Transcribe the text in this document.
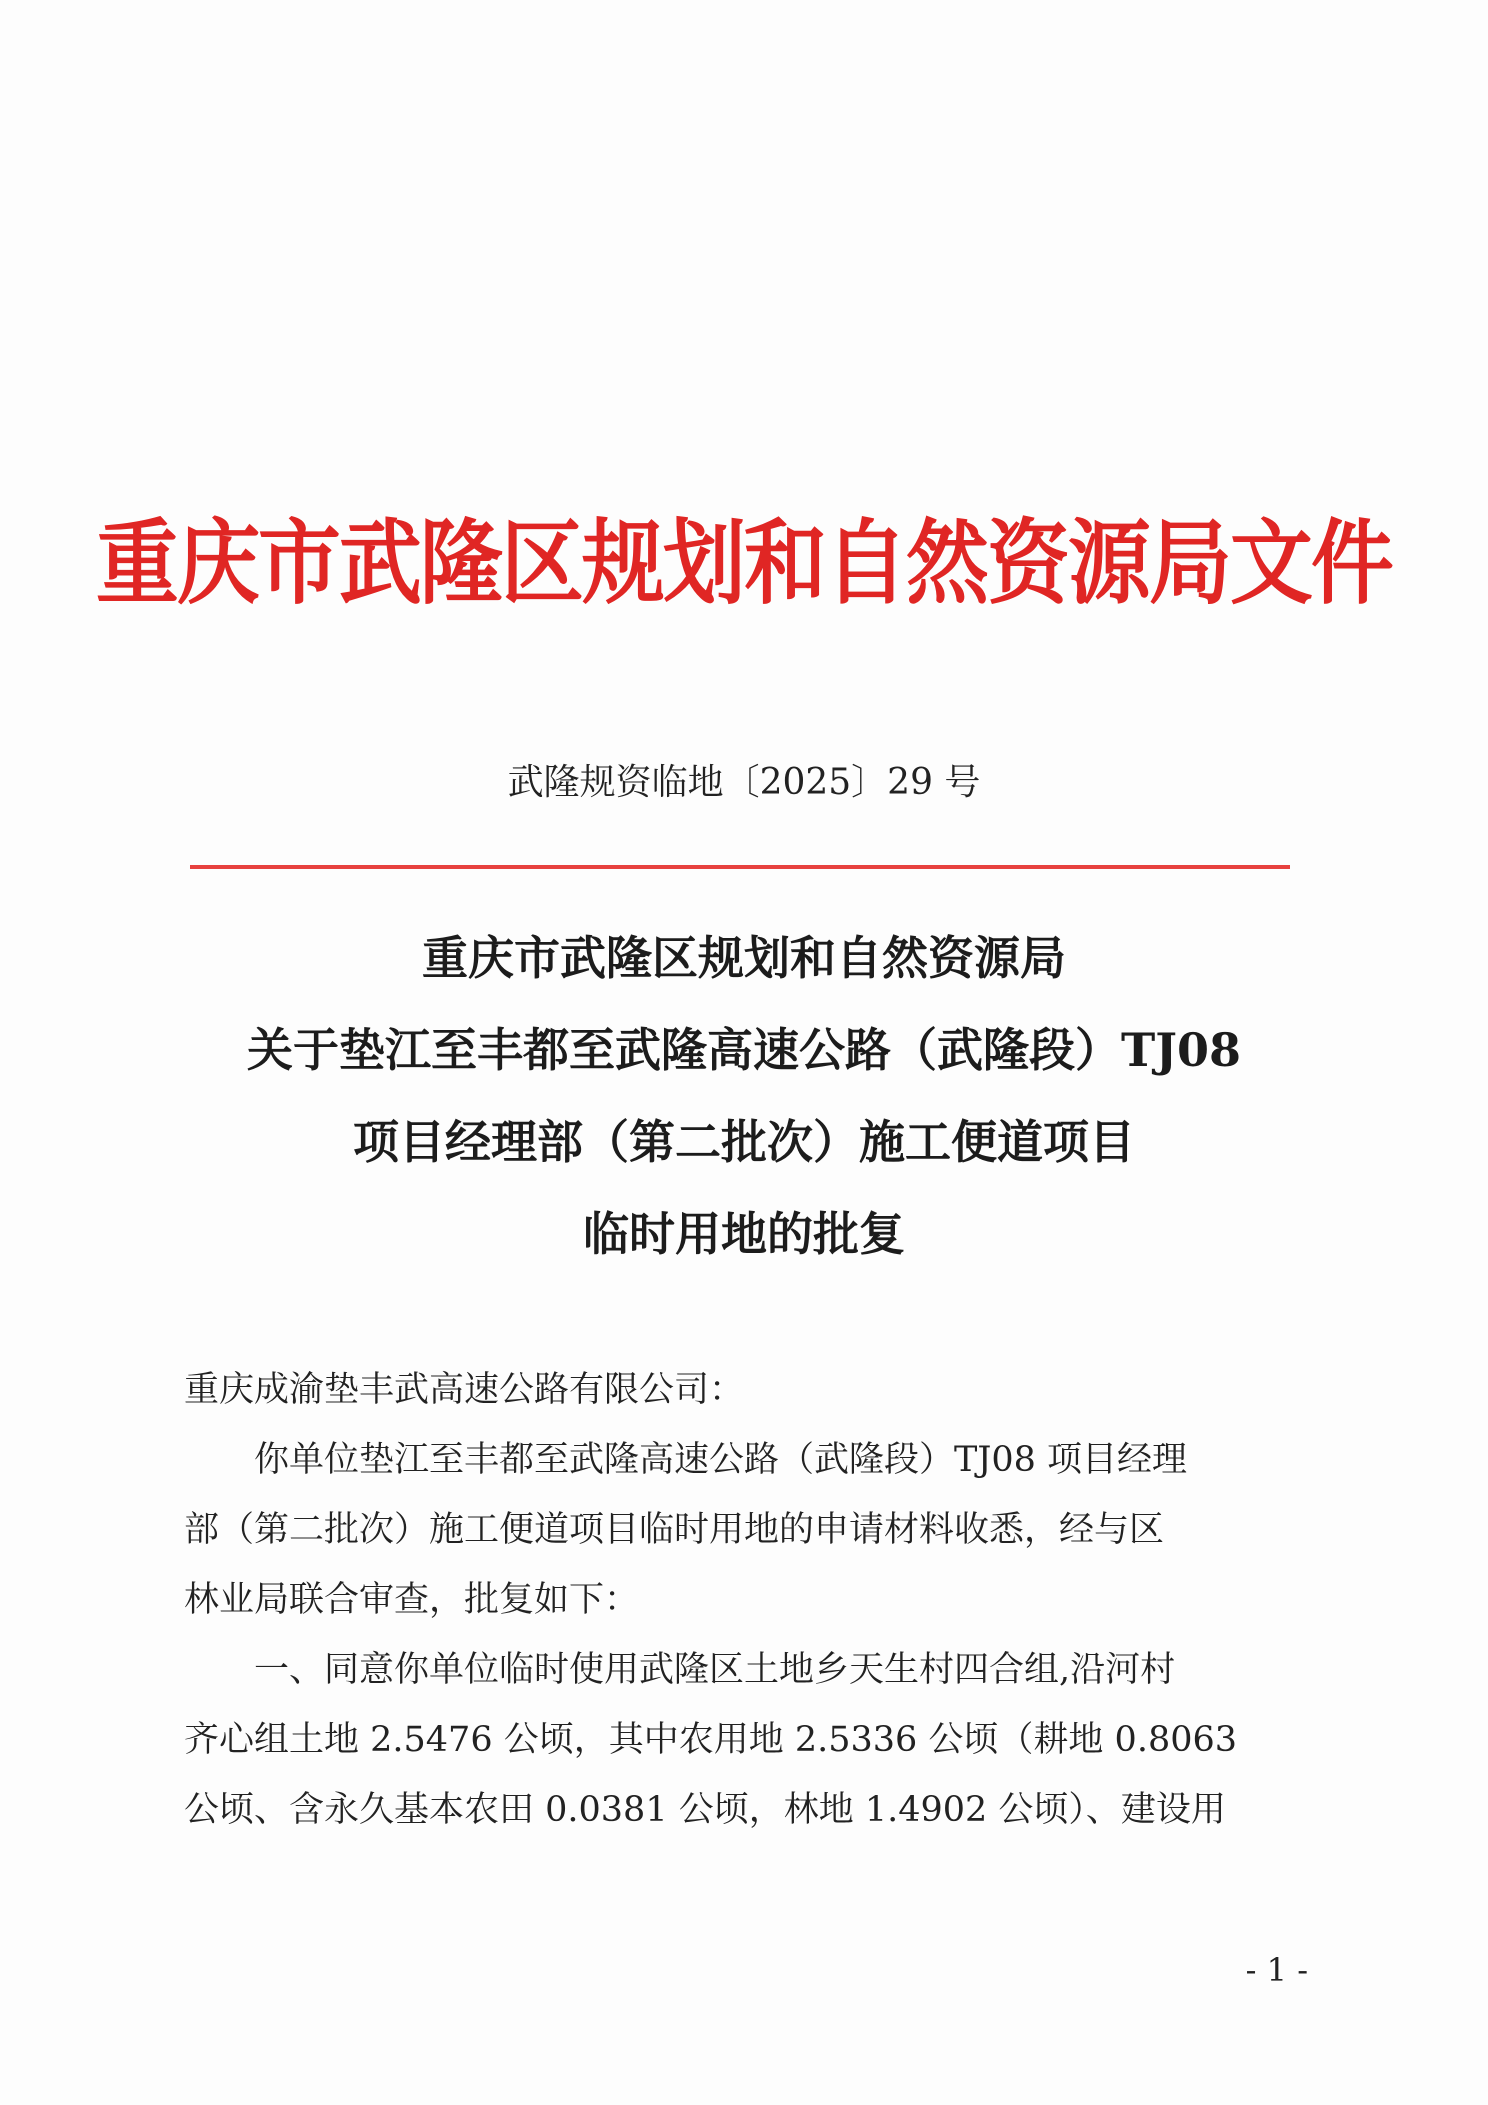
重庆市武隆区规划和自然资源局文件
武隆规资临地〔2025〕29 号
重庆市武隆区规划和自然资源局
关于垫江至丰都至武隆高速公路（武隆段）TJ08
项目经理部（第二批次）施工便道项目
临时用地的批复
重庆成渝垫丰武高速公路有限公司：
你单位垫江至丰都至武隆高速公路（武隆段）TJ08 项目经理
部（第二批次）施工便道项目临时用地的申请材料收悉，经与区
林业局联合审查，批复如下：
一、同意你单位临时使用武隆区土地乡天生村四合组,沿河村
齐心组土地 2.5476 公顷，其中农用地 2.5336 公顷（耕地 0.8063
公顷、含永久基本农田 0.0381 公顷，林地 1.4902 公顷）、建设用
- 1 -
